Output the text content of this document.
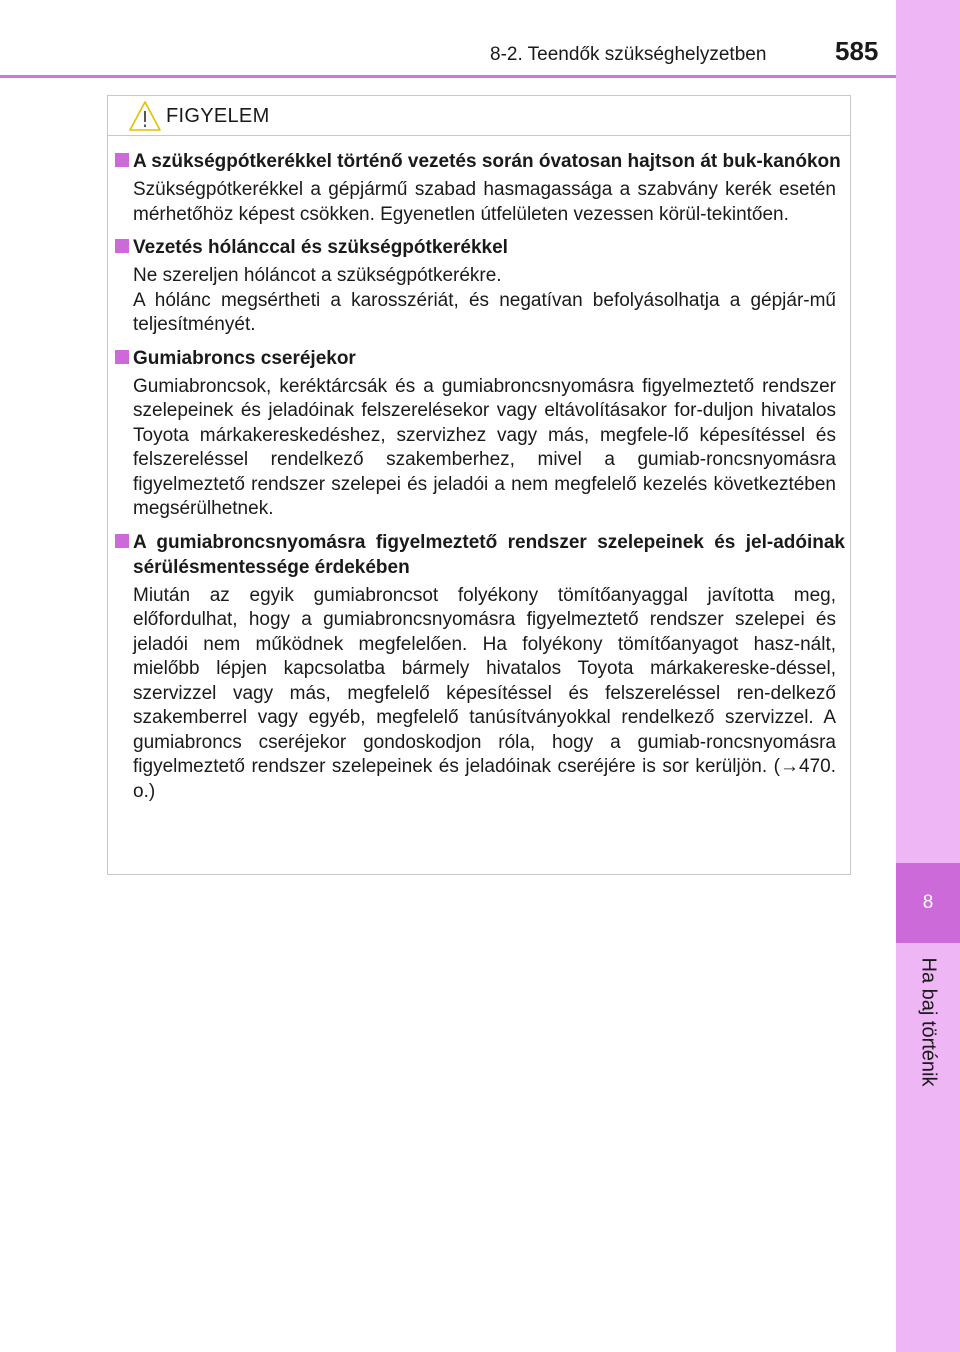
8-2. Teendők szükséghelyzetben	585
8
Ha baj történik
FIGYELEM
A szükségpótkerékkel történő vezetés során óvatosan hajtson át buk-kanókon
Szükségpótkerékkel a gépjármű szabad hasmagassága a szabvány kerék esetén mérhetőhöz képest csökken. Egyenetlen útfelületen vezessen körül-tekintően.
Vezetés hólánccal és szükségpótkerékkel
Ne szereljen hóláncot a szükségpótkerékre.
A hólánc megsértheti a karosszériát, és negatívan befolyásolhatja a gépjár-mű teljesítményét.
Gumiabroncs cseréjekor
Gumiabroncsok, keréktárcsák és a gumiabroncsnyomásra figyelmeztető rendszer szelepeinek és jeladóinak felszerelésekor vagy eltávolításakor for-duljon hivatalos Toyota márkakereskedéshez, szervizhez vagy más, megfele-lő képesítéssel és felszereléssel rendelkező szakemberhez, mivel a gumiab-roncsnyomásra figyelmeztető rendszer szelepei és jeladói a nem megfelelő kezelés következtében megsérülhetnek.
A gumiabroncsnyomásra figyelmeztető rendszer szelepeinek és jel-adóinak sérülésmentessége érdekében
Miután az egyik gumiabroncsot folyékony tömítőanyaggal javította meg, előfordulhat, hogy a gumiabroncsnyomásra figyelmeztető rendszer szelepei és jeladói nem működnek megfelelően. Ha folyékony tömítőanyagot hasz-nált, mielőbb lépjen kapcsolatba bármely hivatalos Toyota márkakereske-déssel, szervizzel vagy más, megfelelő képesítéssel és felszereléssel ren-delkező szakemberrel vagy egyéb, megfelelő tanúsítványokkal rendelkező szervizzel. A gumiabroncs cseréjekor gondoskodjon róla, hogy a gumiab-roncsnyomásra figyelmeztető rendszer szelepeinek és jeladóinak cseréjére is sor kerüljön. (→470. o.)
